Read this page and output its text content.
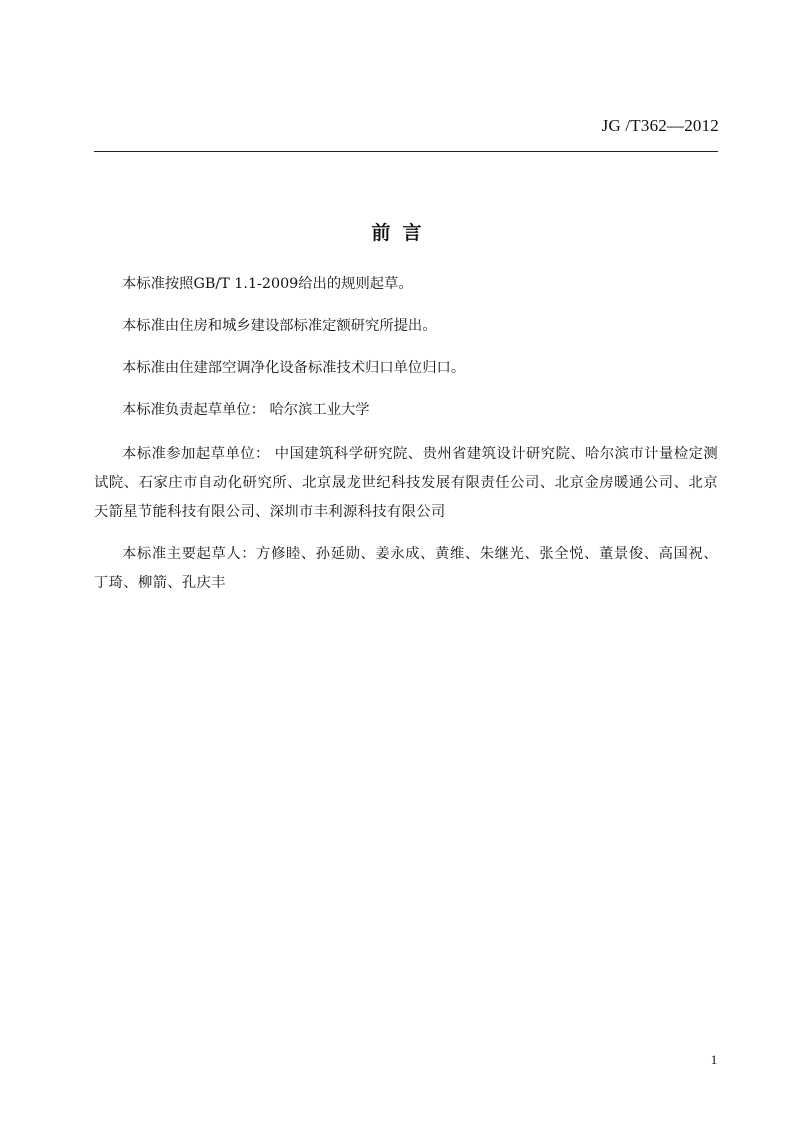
JG /T362—2012
前言

本标准按照GB/T 1.1-2009给出的规则起草。

本标准由住房和城乡建设部标准定额研究所提出。

本标准由住建部空调净化设备标准技术归口单位归口。

本标准负责起草单位： 哈尔滨工业大学

本标准参加起草单位： 中国建筑科学研究院、贵州省建筑设计研究院、哈尔滨市计量检定测试院、石家庄市自动化研究所、北京晟龙世纪科技发展有限责任公司、北京金房暖通公司、北京天箭星节能科技有限公司、深圳市丰利源科技有限公司

本标准主要起草人：方修睦、孙延勋、姜永成、黄维、朱继光、张全悦、董景俊、高国祝、丁琦、柳箭、孔庆丰

1
